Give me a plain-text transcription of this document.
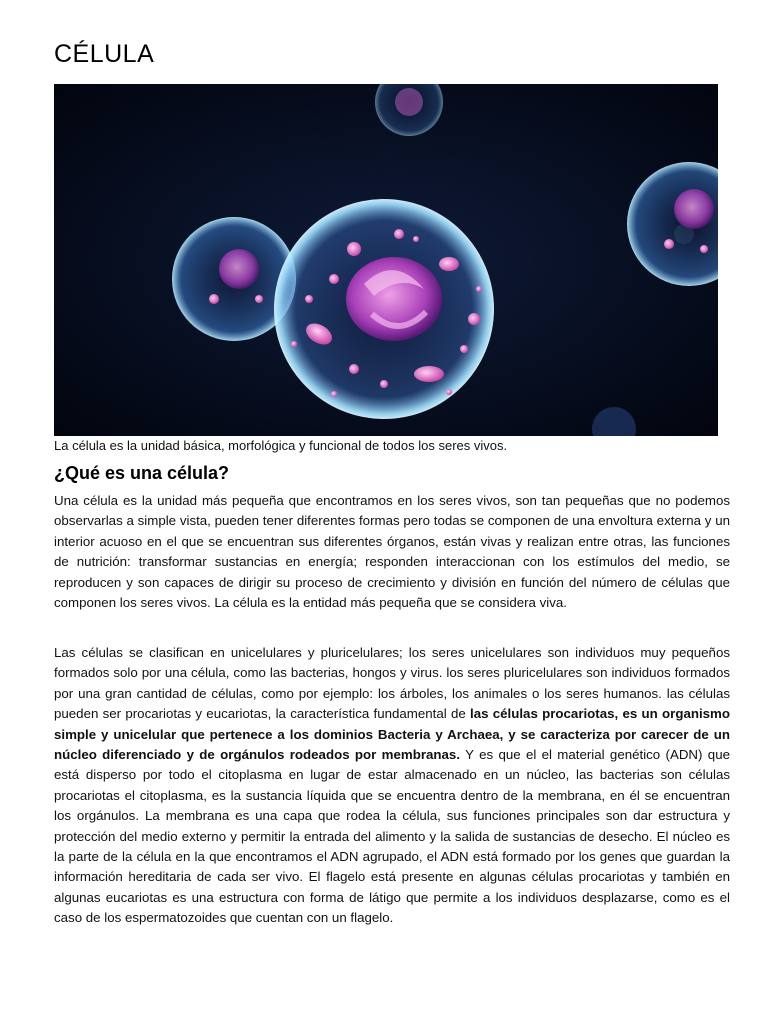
CÉLULA
La célula es la unidad básica, morfológica y funcional de todos los seres vivos.
¿Qué es una célula?

Una célula es la unidad más pequeña que encontramos en los seres vivos, son tan pequeñas que no podemos observarlas a simple vista, pueden tener diferentes formas pero todas se componen de una envoltura externa y un interior acuoso en el que se encuentran sus diferentes órganos, están vivas y realizan entre otras, las funciones de nutrición: transformar sustancias en energía; responden interaccionan con los estímulos del medio, se reproducen y son capaces de dirigir su proceso de crecimiento y división en función del número de células que componen los seres vivos. La célula es la entidad más pequeña que se considera viva.

Las células se clasifican en unicelulares y pluricelulares; los seres unicelulares son individuos muy pequeños formados solo por una célula, como las bacterias, hongos y virus. los seres pluricelulares son individuos formados por una gran cantidad de células, como por ejemplo: los árboles, los animales o los seres humanos. las células pueden ser procariotas y eucariotas, la característica fundamental de las células procariotas, es un organismo simple y unicelular que pertenece a los dominios Bacteria y Archaea, y se caracteriza por carecer de un núcleo diferenciado y de orgánulos rodeados por membranas. Y es que el el material genético (ADN) que está disperso por todo el citoplasma en lugar de estar almacenado en un núcleo, las bacterias son células procariotas el citoplasma, es la sustancia líquida que se encuentra dentro de la membrana, en él se encuentran los orgánulos. La membrana es una capa que rodea la célula, sus funciones principales son dar estructura y protección del medio externo y permitir la entrada del alimento y la salida de sustancias de desecho. El núcleo es la parte de la célula en la que encontramos el ADN agrupado, el ADN está formado por los genes que guardan la información hereditaria de cada ser vivo. El flagelo está presente en algunas células procariotas y también en algunas eucariotas es una estructura con forma de látigo que permite a los individuos desplazarse, como es el caso de los espermatozoides que cuentan con un flagelo.
